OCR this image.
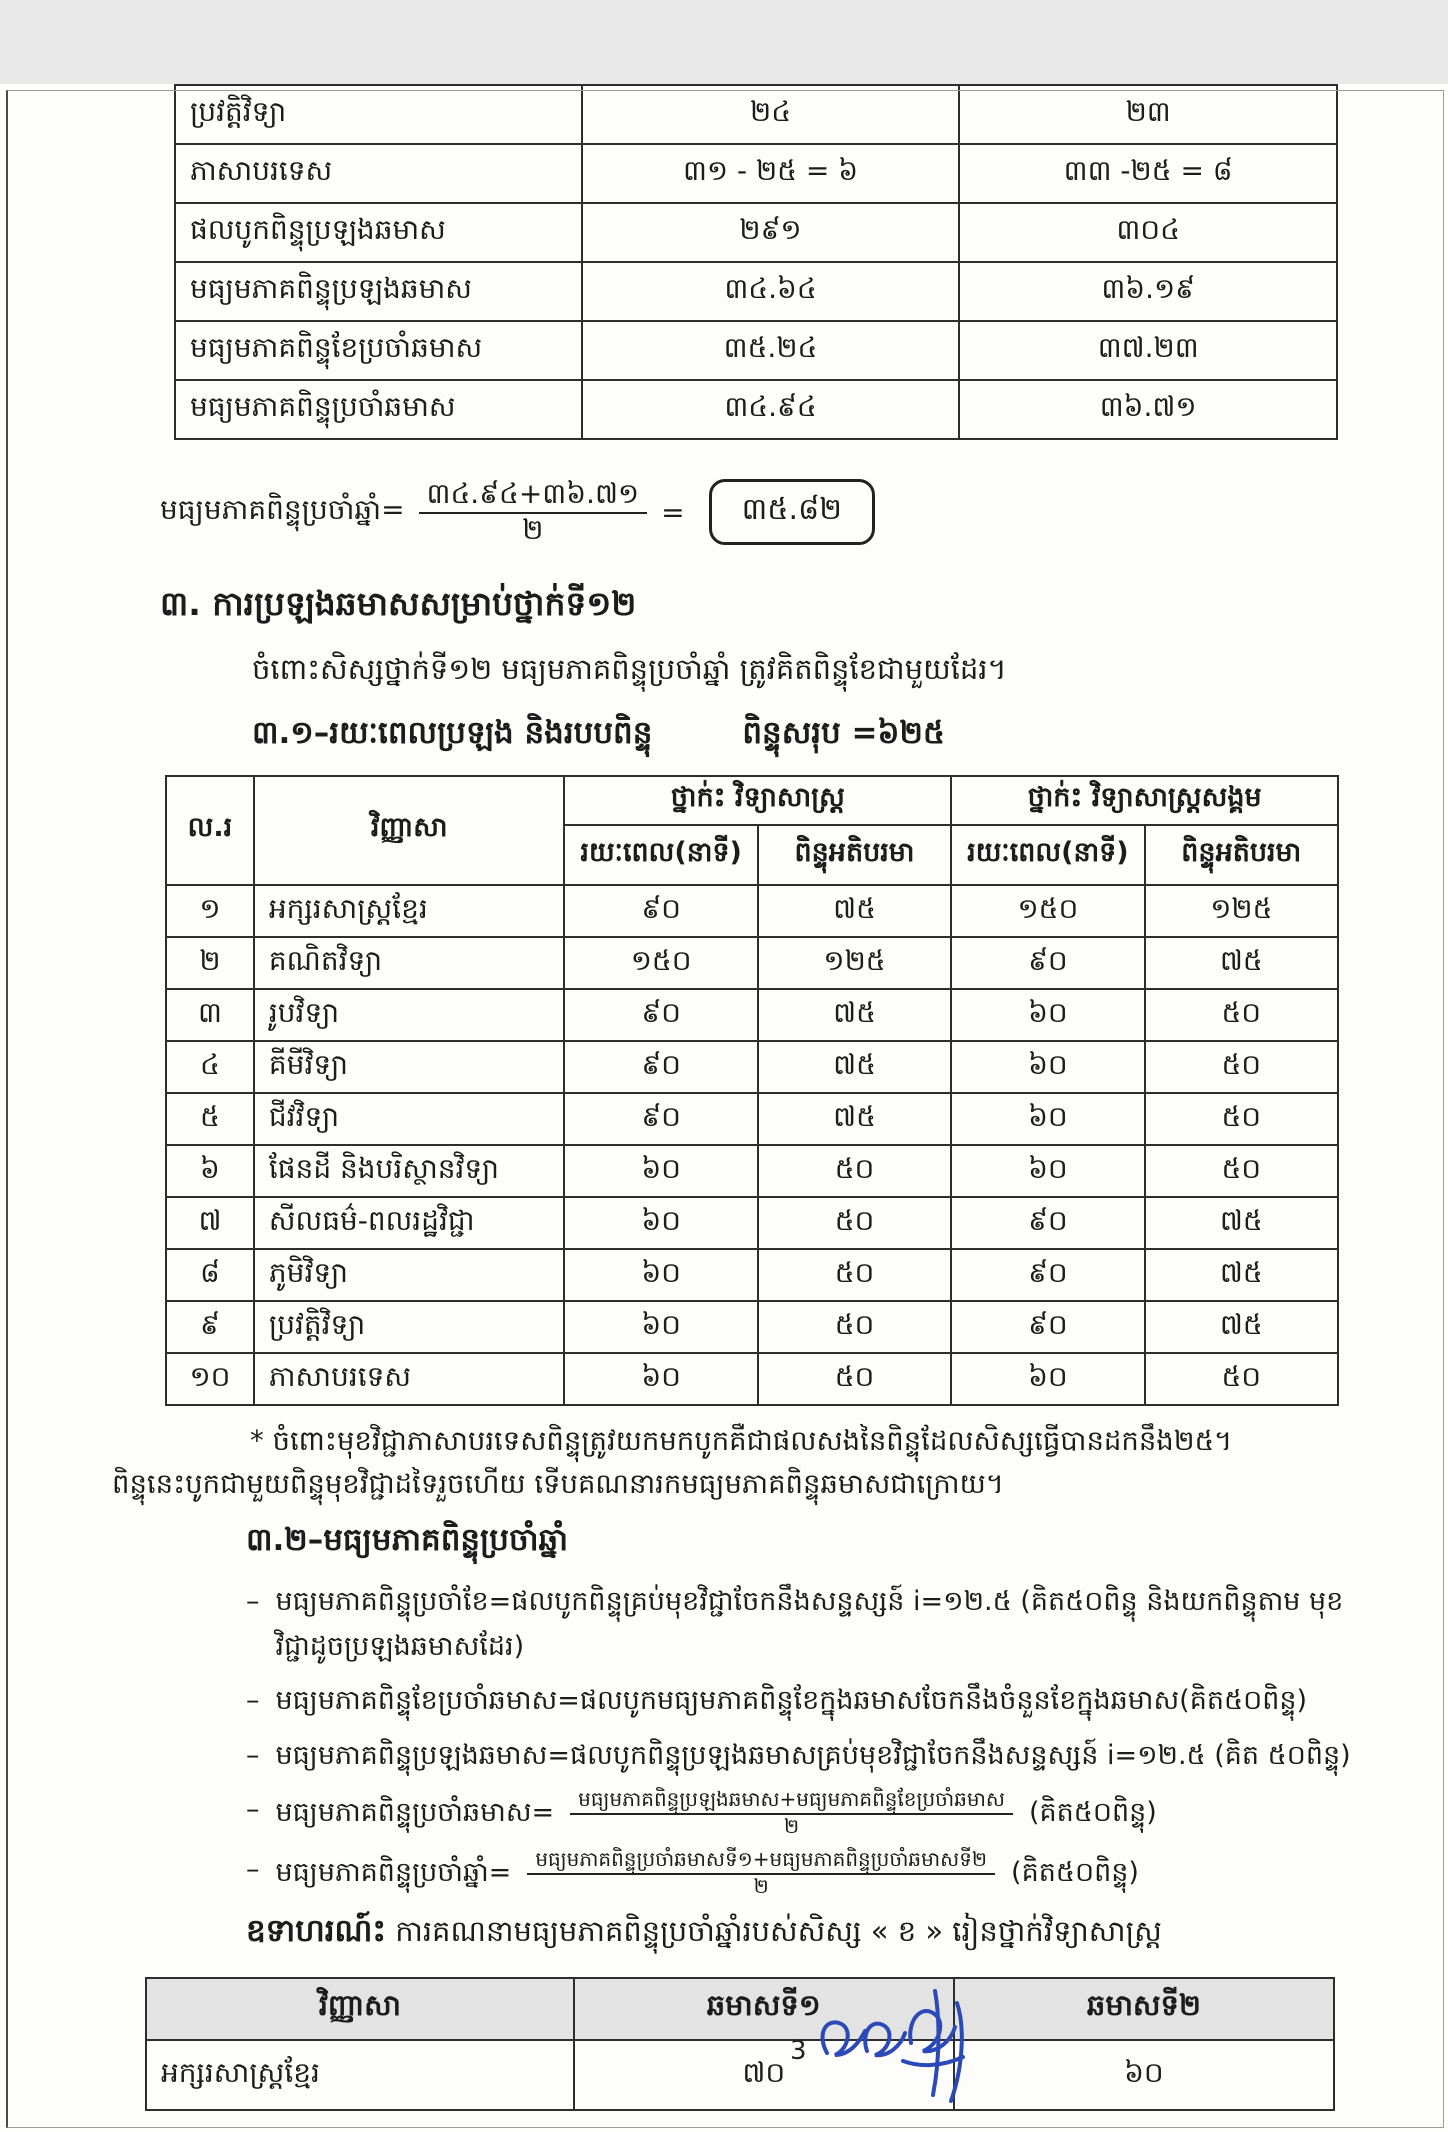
ប្រវត្តិវិទ្យា	២៤	២៣
ភាសាបរទេស	៣១ - ២៥ = ៦	៣៣ -២៥ = ៨
ផលបូកពិន្ទុប្រឡងឆមាស	២៩១	៣០៤
មធ្យមភាគពិន្ទុប្រឡងឆមាស	៣៤.៦៤	៣៦.១៩
មធ្យមភាគពិន្ទុខែប្រចាំឆមាស	៣៥.២៤	៣៧.២៣
មធ្យមភាគពិន្ទុប្រចាំឆមាស	៣៤.៩៤	៣៦.៧១
មធ្យមភាគពិន្ទុប្រចាំឆ្នាំ= $\frac{៣៤.៩៤+៣៦.៧១}{២}$ =	៣៥.៨២
៣. ការប្រឡងឆមាសសម្រាប់ថ្នាក់ទី១២
ចំពោះសិស្សថ្នាក់ទី១២ មធ្យមភាគពិន្ទុប្រចាំឆ្នាំ ត្រូវគិតពិន្ទុខែជាមួយដែរ។
៣.១–រយៈពេលប្រឡង និងរបបពិន្ទុ	ពិន្ទុសរុប =៦២៥
ល.រ	វិញ្ញាសា	ថ្នាក់ះ វិទ្យាសាស្ត្រ		ថ្នាក់ះ វិទ្យាសាស្ត្រសង្គម	
		រយៈពេល(នាទី)	ពិន្ទុអតិបរមា	រយៈពេល(នាទី)	ពិន្ទុអតិបរមា
១	អក្សរសាស្ត្រខ្មែរ	៩០	៧៥	១៥០	១២៥
២	គណិតវិទ្យា	១៥០	១២៥	៩០	៧៥
៣	រូបវិទ្យា	៩០	៧៥	៦០	៥០
៤	គីមីវិទ្យា	៩០	៧៥	៦០	៥០
៥	ជីវវិទ្យា	៩០	៧៥	៦០	៥០
៦	ផែនដី និងបរិស្ថានវិទ្យា	៦០	៥០	៦០	៥០
៧	សីលធម៌-ពលរដ្ឋវិជ្ជា	៦០	៥០	៩០	៧៥
៨	ភូមិវិទ្យា	៦០	៥០	៩០	៧៥
៩	ប្រវត្តិវិទ្យា	៦០	៥០	៩០	៧៥
១០	ភាសាបរទេស	៦០	៥០	៦០	៥០
* ចំពោះមុខវិជ្ជាភាសាបរទេសពិន្ទុត្រូវយកមកបូកគឺជាផលសងនៃពិន្ទុដែលសិស្សធ្វើបានដកនឹង២៥។
ពិន្ទុនេះបូកជាមួយពិន្ទុមុខវិជ្ជាដទៃរួចហើយ ទើបគណនារកមធ្យមភាគពិន្ទុឆមាសជាក្រោយ។
៣.២–មធ្យមភាគពិន្ទុប្រចាំឆ្នាំ
– មធ្យមភាគពិន្ទុប្រចាំខែ=ផលបូកពិន្ទុគ្រប់មុខវិជ្ជាចែកនឹងសន្ទស្សន៍ i=១២.៥ (គិត៥០ពិន្ទុ និងយកពិន្ទុតាម មុខវិជ្ជាដូចប្រឡងឆមាសដែរ)
– មធ្យមភាគពិន្ទុខែប្រចាំឆមាស=ផលបូកមធ្យមភាគពិន្ទុខែក្នុងឆមាសចែកនឹងចំនួនខែក្នុងឆមាស(គិត៥០ពិន្ទុ)
– មធ្យមភាគពិន្ទុប្រឡងឆមាស=ផលបូកពិន្ទុប្រឡងឆមាសគ្រប់មុខវិជ្ជាចែកនឹងសន្ទស្សន៍ i=១២.៥ (គិត ៥០ពិន្ទុ)
– មធ្យមភាគពិន្ទុប្រចាំឆមាស= $\frac{\text{មធ្យមភាគពិន្ទុប្រឡងឆមាស+មធ្យមភាគពិន្ទុខែប្រចាំឆមាស}}{២}$ (គិត៥០ពិន្ទុ)
– មធ្យមភាគពិន្ទុប្រចាំឆ្នាំ= $\frac{\text{មធ្យមភាគពិន្ទុប្រចាំឆមាសទី១+មធ្យមភាគពិន្ទុប្រចាំឆមាសទី២}}{២}$ (គិត៥០ពិន្ទុ)
ឧទាហរណ៍ះ ការគណនាមធ្យមភាគពិន្ទុប្រចាំឆ្នាំរបស់សិស្ស « ខ » រៀនថ្នាក់វិទ្យាសាស្ត្រ
វិញ្ញាសា	ឆមាសទី១	ឆមាសទី២
អក្សរសាស្ត្រខ្មែរ	៧០	៦០
3
